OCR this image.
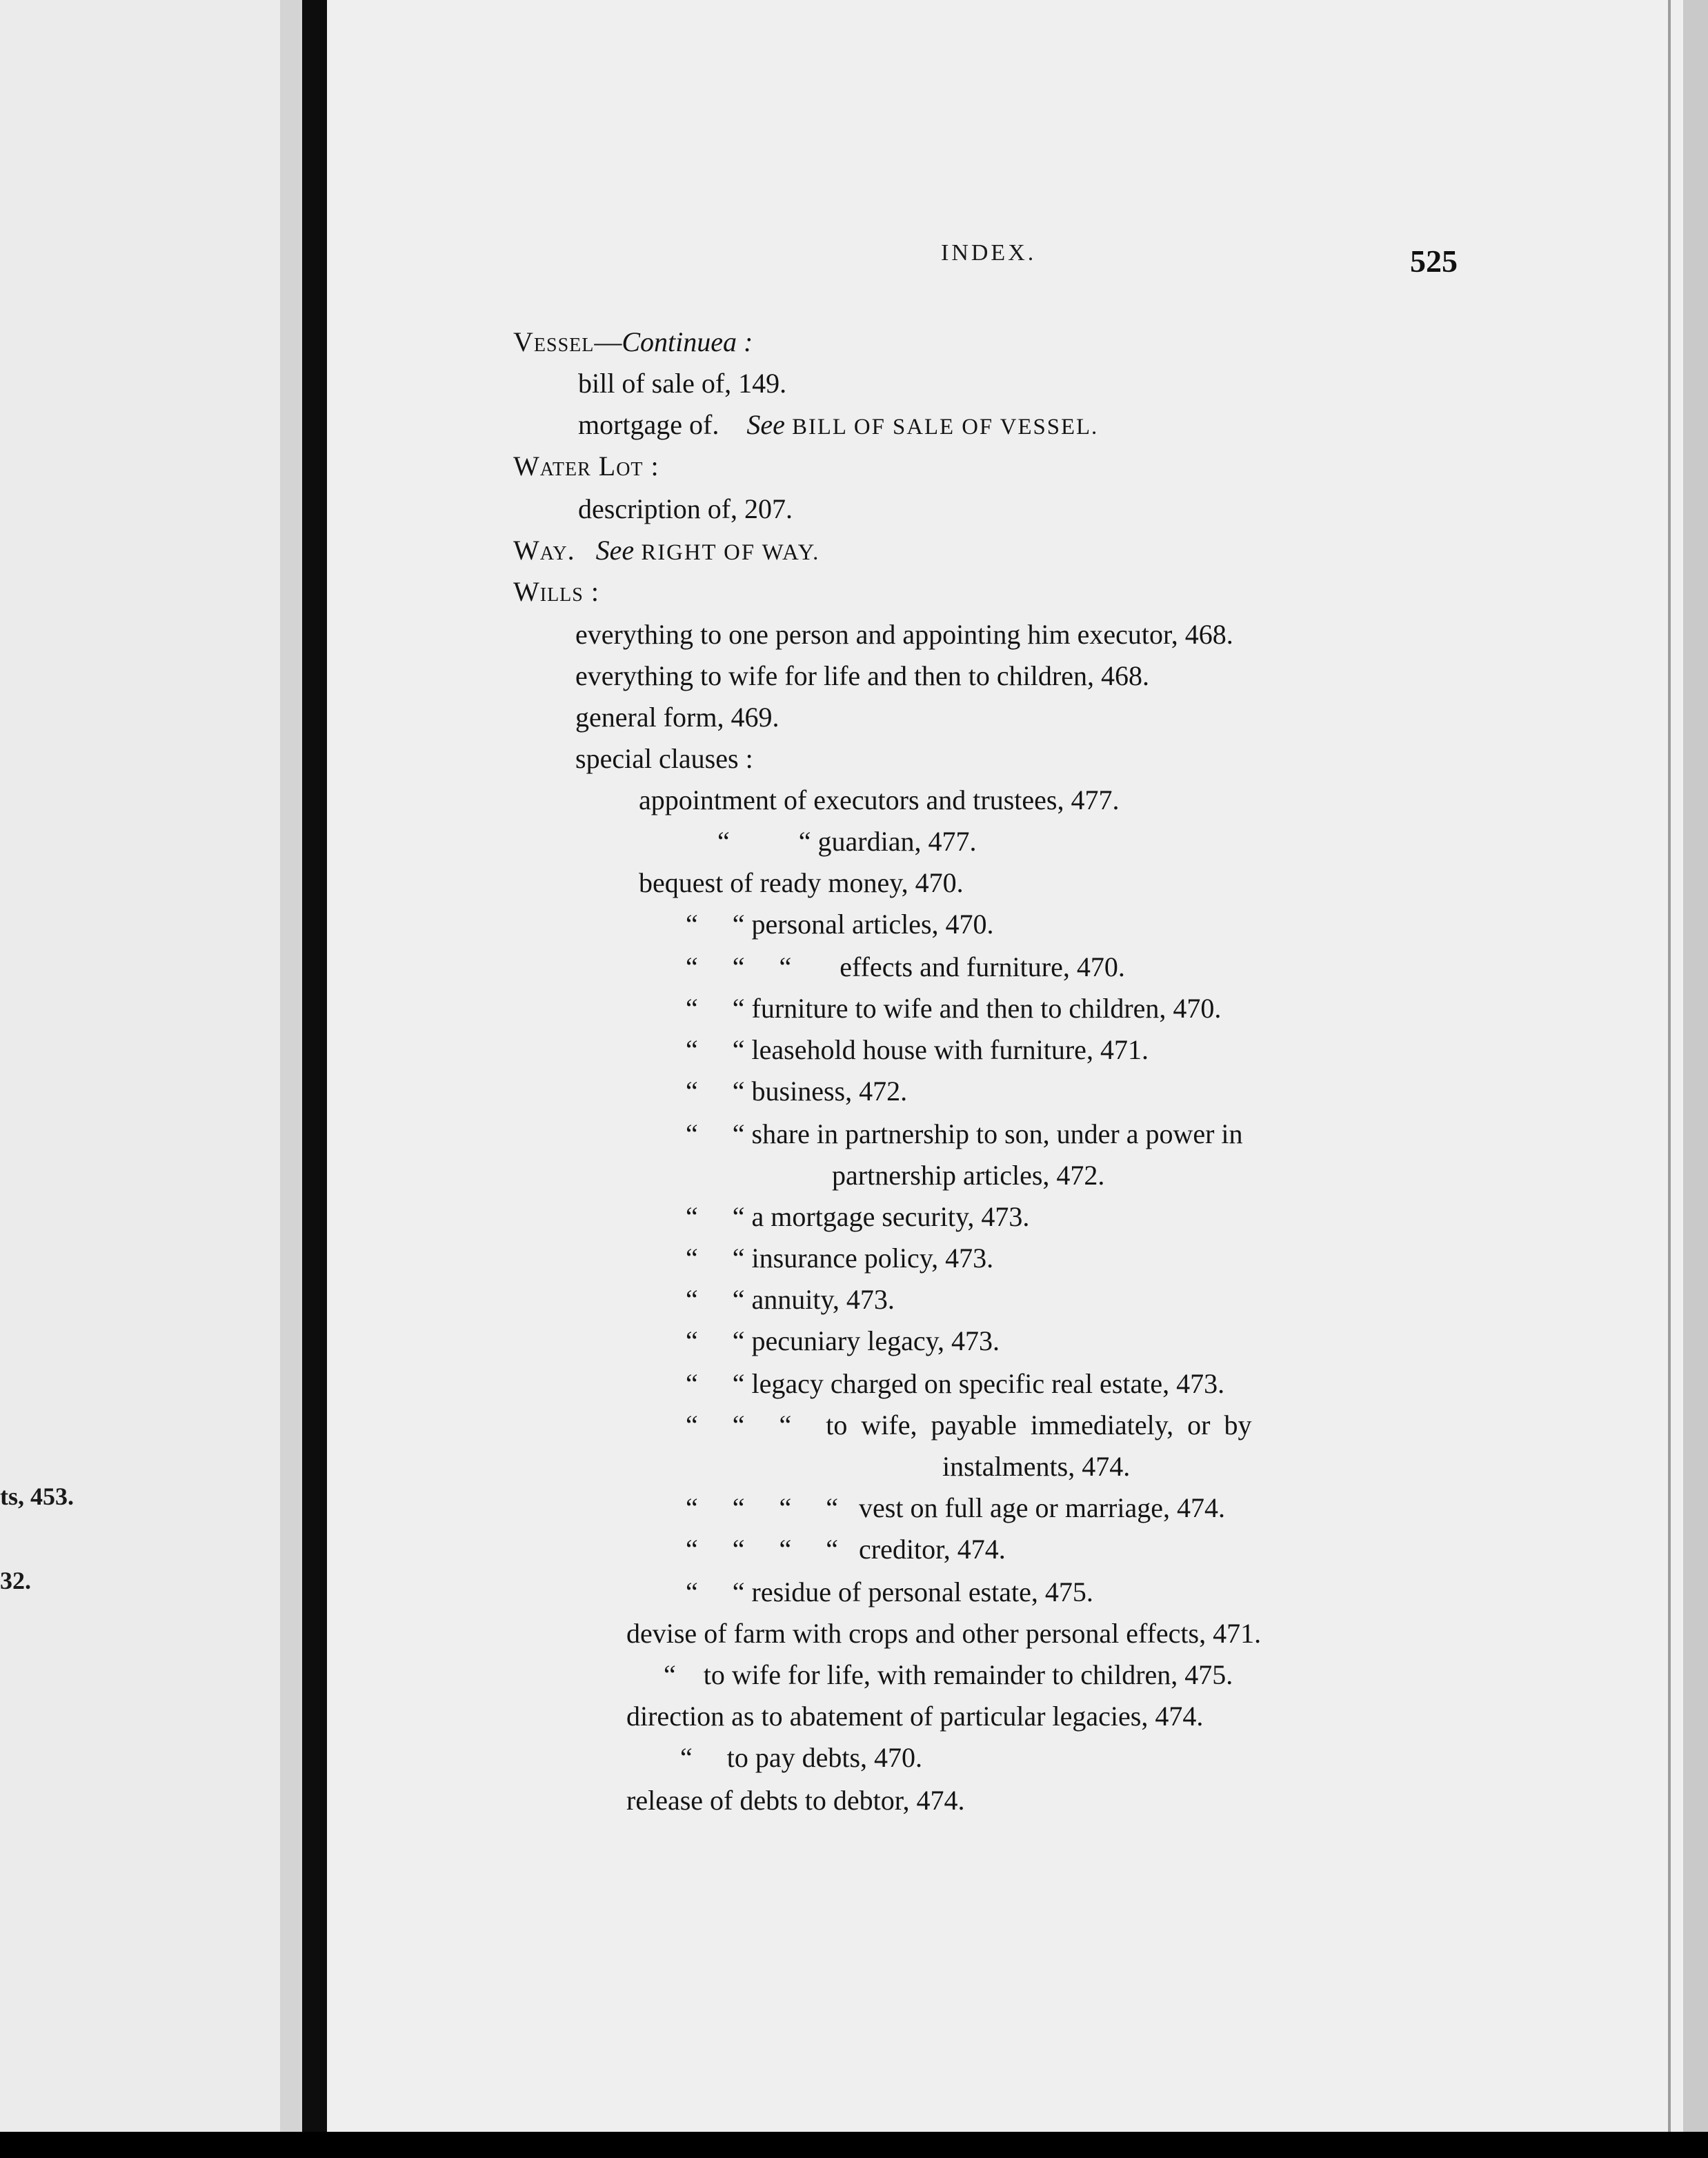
ts, 453.
32.
INDEX.	525
Vessel—Continuea :
bill of sale of, 149.
mortgage of.    See BILL OF SALE OF VESSEL.
Water Lot :
description of, 207.
Way. See RIGHT OF WAY.
Wills :
everything to one person and appointing him executor, 468.
everything to wife for life and then to children, 468.
general form, 469.
special clauses :
appointment of executors and trustees, 477.
“          “ guardian, 477.
bequest of ready money, 470.
“     “ personal articles, 470.
“     “     “       effects and furniture, 470.
“     “ furniture to wife and then to children, 470.
“     “ leasehold house with furniture, 471.
“     “ business, 472.
“     “ share in partnership to son, under a power in
partnership articles, 472.
“     “ a mortgage security, 473.
“     “ insurance policy, 473.
“     “ annuity, 473.
“     “ pecuniary legacy, 473.
“     “ legacy charged on specific real estate, 473.
“     “     “     to  wife,  payable  immediately,  or  by
instalments, 474.
“     “     “     “   vest on full age or marriage, 474.
“     “     “     “   creditor, 474.
“     “ residue of personal estate, 475.
devise of farm with crops and other personal effects, 471.
“    to wife for life, with remainder to children, 475.
direction as to abatement of particular legacies, 474.
“     to pay debts, 470.
release of debts to debtor, 474.
